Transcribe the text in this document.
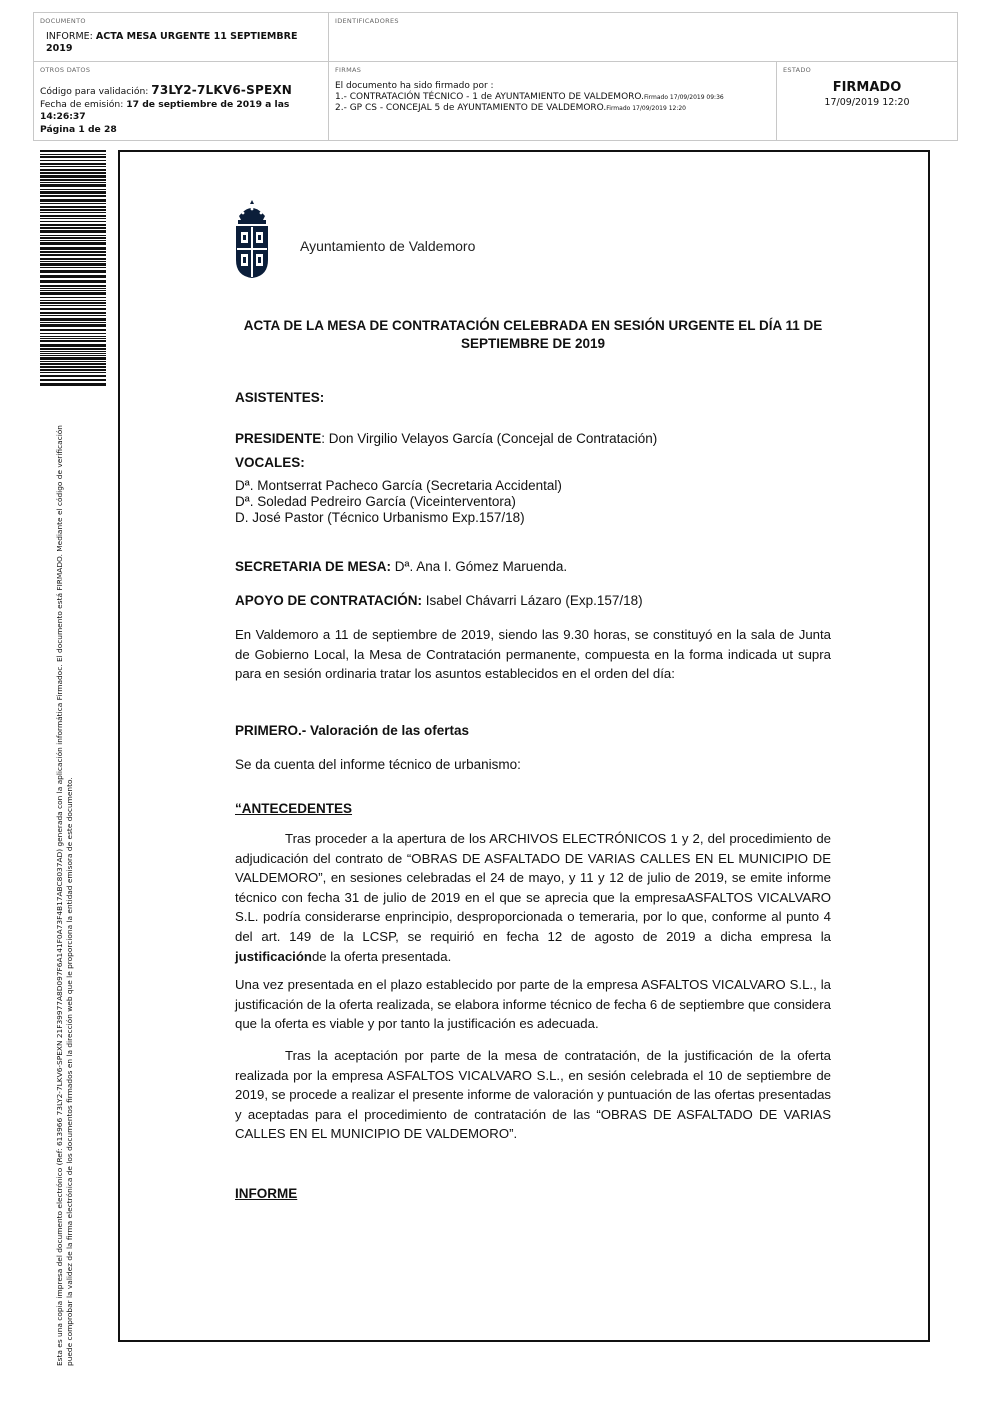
DOCUMENTO
INFORME: ACTA MESA URGENTE 11 SEPTIEMBRE 2019
IDENTIFICADORES
OTROS DATOS
Código para validación: 73LY2-7LKV6-SPEXN
Fecha de emisión: 17 de septiembre de 2019 a las 14:26:37
Página 1 de 28
FIRMAS
El documento ha sido firmado por :
1.- CONTRATACIÓN TÉCNICO - 1 de AYUNTAMIENTO DE VALDEMORO.Firmado 17/09/2019 09:36
2.- GP CS - CONCEJAL 5 de AYUNTAMIENTO DE VALDEMORO.Firmado 17/09/2019 12:20
ESTADO
FIRMADO
17/09/2019 12:20
Esta es una copia impresa del documento electrónico (Ref: 613966 73LY2-7LKV6-SPEXN 21F39977A8D097F6A141F0A73F4B17ABC8037AD) generada con la aplicación informática Firmadoc. El documento está FIRMADO. Mediante el código de verificación puede comprobar la validez de la firma electrónica de los documentos firmados en la dirección web que le proporciona la entidad emisora de este documento.
Ayuntamiento de Valdemoro
ACTA DE LA MESA DE CONTRATACIÓN CELEBRADA EN SESIÓN URGENTE EL DÍA 11 DE SEPTIEMBRE DE 2019
ASISTENTES:
PRESIDENTE: Don Virgilio Velayos García (Concejal de Contratación)
VOCALES:
Dª. Montserrat Pacheco García (Secretaria Accidental)
Dª. Soledad Pedreiro García (Viceinterventora)
D. José Pastor (Técnico Urbanismo Exp.157/18)
SECRETARIA DE MESA: Dª. Ana I. Gómez Maruenda.
APOYO DE CONTRATACIÓN: Isabel Chávarri Lázaro (Exp.157/18)
En Valdemoro a 11 de septiembre de 2019, siendo las 9.30 horas, se constituyó en la sala de Junta de Gobierno Local, la Mesa de Contratación permanente, compuesta en la forma indicada ut supra para en sesión ordinaria tratar los asuntos establecidos en el orden del día:
PRIMERO.- Valoración de las ofertas
Se da cuenta del informe técnico de urbanismo:
“ANTECEDENTES
Tras proceder a la apertura de los ARCHIVOS ELECTRÓNICOS 1 y 2, del procedimiento de adjudicación del contrato de “OBRAS DE ASFALTADO DE VARIAS CALLES EN EL MUNICIPIO DE VALDEMORO”, en sesiones celebradas el 24 de mayo, y 11 y 12 de julio de 2019, se emite informe técnico con fecha 31 de julio de 2019 en el que se aprecia que la empresaASFALTOS VICALVARO S.L. podría considerarse enprincipio, desproporcionada o temeraria, por lo que, conforme al punto 4 del art. 149 de la LCSP, se requirió en fecha 12 de agosto de 2019 a dicha empresa la justificaciónde la oferta presentada.
Una vez presentada en el plazo establecido por parte de la empresa ASFALTOS VICALVARO S.L., la justificación de la oferta realizada, se elabora informe técnico de fecha 6 de septiembre que considera que la oferta es viable y por tanto la justificación es adecuada.
Tras la aceptación por parte de la mesa de contratación, de la justificación de la oferta realizada por la empresa ASFALTOS VICALVARO S.L., en sesión celebrada el 10 de septiembre de 2019, se procede a realizar el presente informe de valoración y puntuación de las ofertas presentadas y aceptadas para el procedimiento de contratación de las “OBRAS DE ASFALTADO DE VARIAS CALLES EN EL MUNICIPIO DE VALDEMORO”.
INFORME
